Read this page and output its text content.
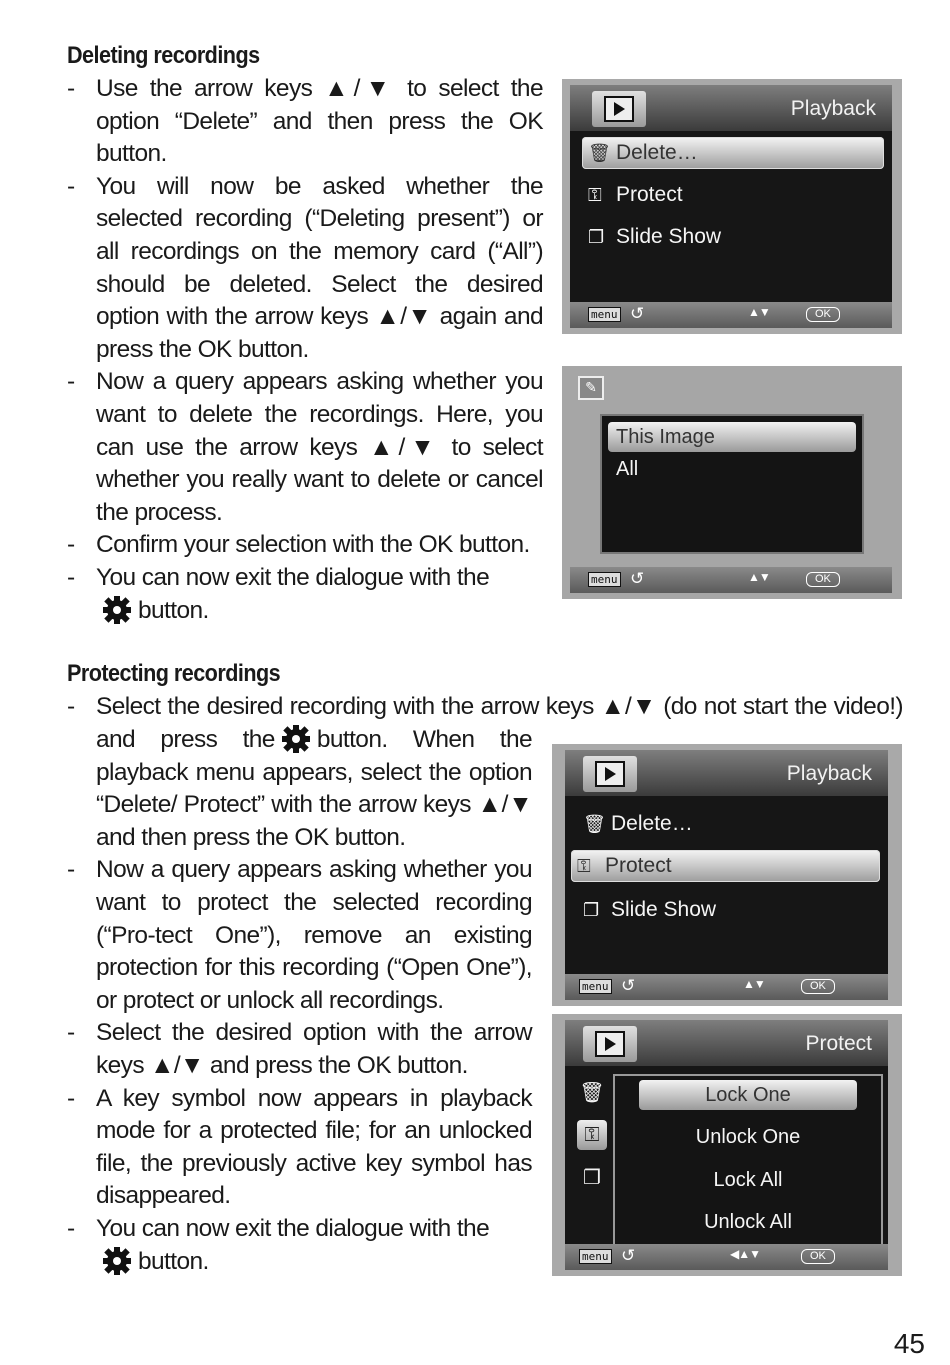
Deleting recordings
- Use the arrow keys ▲/▼ to select the option “Delete” and then press the OK button.
- You will now be asked whether the selected recording (“Deleting present”) or all recordings on the memory card (“All”) should be deleted. Select the desired option with the arrow keys ▲/▼ again and press the OK button.
- Now a query appears asking whether you want to delete the recordings. Here, you can use the arrow keys ▲/▼ to select whether you really want to delete or cancel the process.
- Confirm your selection with the OK button.
- You can now exit the dialogue with the
button.
Playback
🗑 Delete…
⚿ Protect
❐ Slide Show
menu ↺	▲▼	OK
✎
This Image
All
menu ↺	▲▼	OK
Protecting recordings
- Select the desired recording with the arrow keys ▲/▼ (do not start the video!)
and press the button. When the playback menu appears, select the option “Delete/ Protect” with the arrow keys ▲/▼ and then press the OK button.
- Now a query appears asking whether you want to protect the selected recording (“Pro-tect One”), remove an existing protection for this recording (“Open One”), or protect or unlock all recordings.
- Select the desired option with the arrow keys ▲/▼ and press the OK button.
- A key symbol now appears in playback mode for a protected file; for an unlocked file, the previously active key symbol has disappeared.
- You can now exit the dialogue with the
button.
Playback
🗑 Delete…
⚿ Protect
❐ Slide Show
menu ↺	▲▼	OK
Protect
🗑
⚿
❐
Lock One
Unlock One
Lock All
Unlock All
menu ↺	◀▲▼	OK
45
